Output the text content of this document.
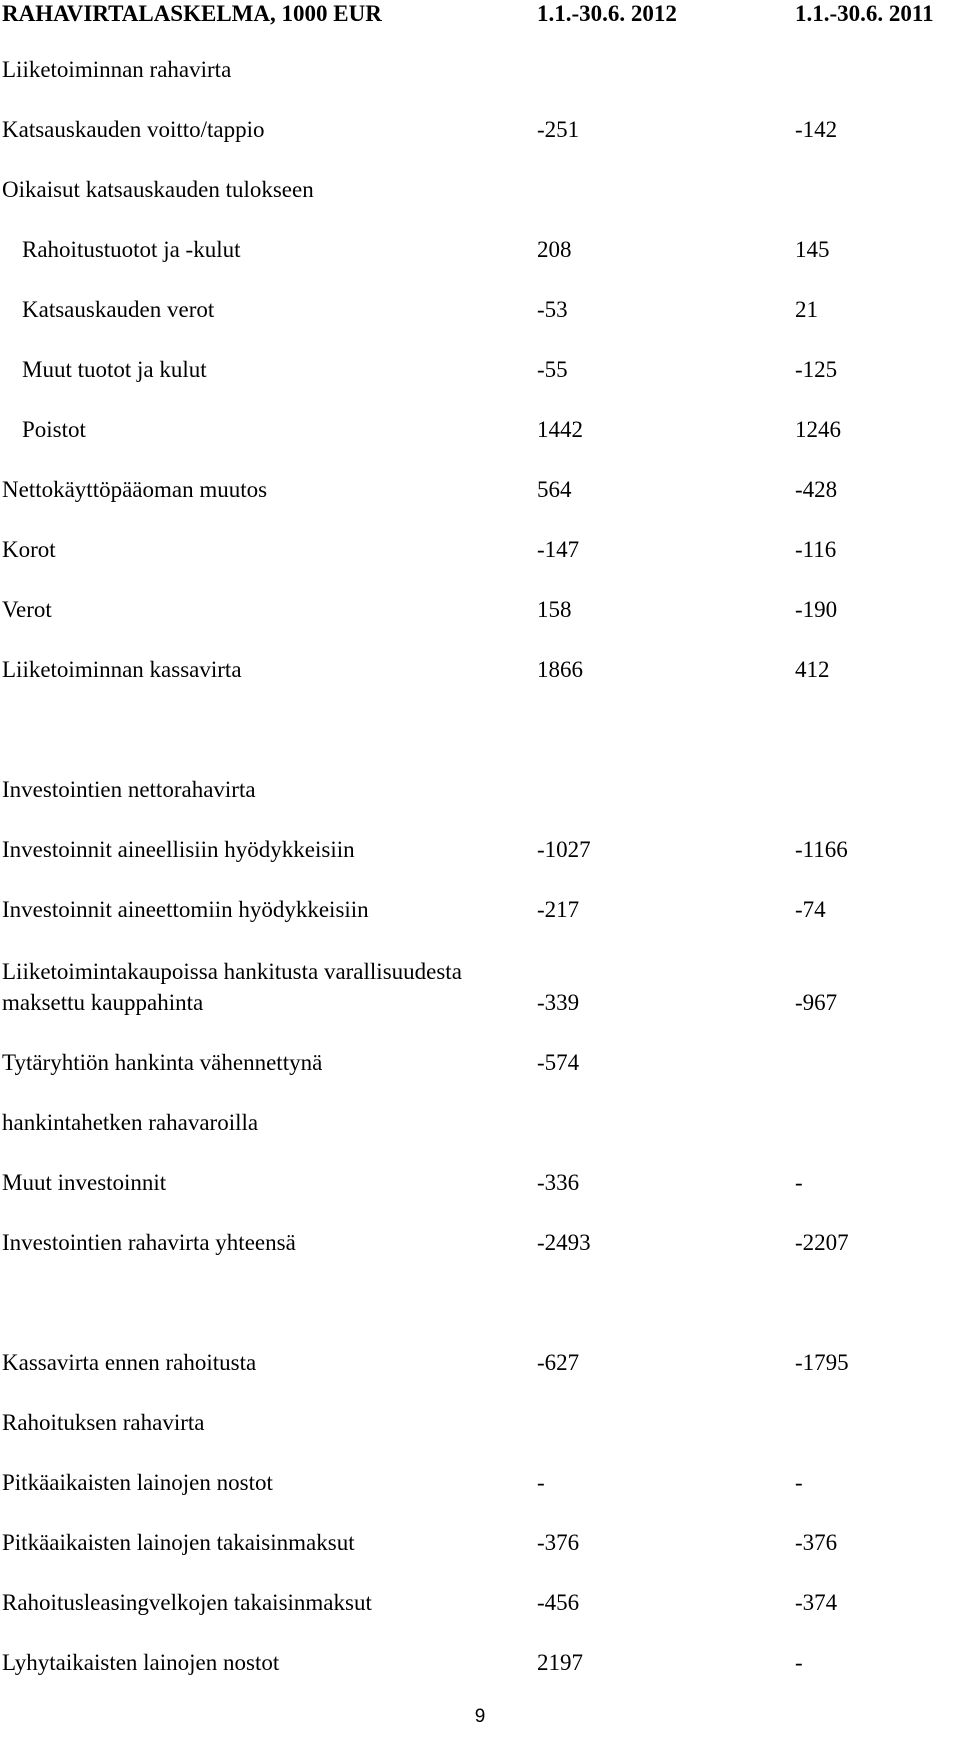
RAHAVIRTALASKELMA, 1000 EUR	1.1.-30.6. 2012	1.1.-30.6. 2011
Liiketoiminnan rahavirta
Katsauskauden voitto/tappio	-251	-142
Oikaisut katsauskauden tulokseen
Rahoitustuotot ja -kulut	208	145
Katsauskauden verot	-53	21
Muut tuotot ja kulut	-55	-125
Poistot	1442	1246
Nettokäyttöpääoman muutos	564	-428
Korot	-147	-116
Verot	158	-190
Liiketoiminnan kassavirta	1866	412
Investointien nettorahavirta
Investoinnit aineellisiin hyödykkeisiin	-1027	-1166
Investoinnit aineettomiin hyödykkeisiin	-217	-74
Liiketoimintakaupoissa hankitusta varallisuudesta maksettu kauppahinta	-339	-967
Tytäryhtiön hankinta vähennettynä	-574
hankintahetken rahavaroilla
Muut investoinnit	-336	-
Investointien rahavirta yhteensä	-2493	-2207
Kassavirta ennen rahoitusta	-627	-1795
Rahoituksen rahavirta
Pitkäaikaisten lainojen nostot	-	-
Pitkäaikaisten lainojen takaisinmaksut	-376	-376
Rahoitusleasingvelkojen takaisinmaksut	-456	-374
Lyhytaikaisten lainojen nostot	2197	-
9
